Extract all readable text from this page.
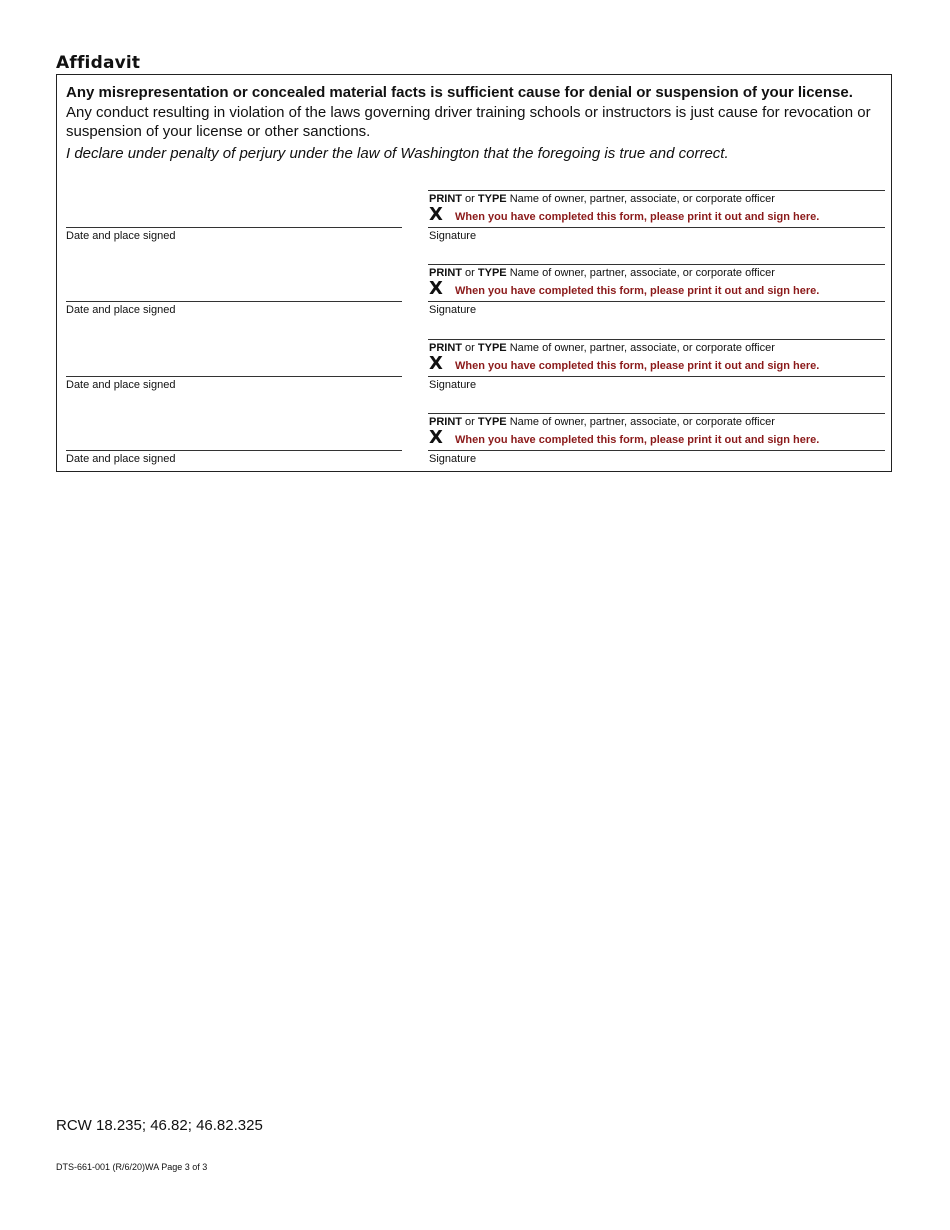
Affidavit
Any misrepresentation or concealed material facts is sufficient cause for denial or suspension of your license.
Any conduct resulting in violation of the laws governing driver training schools or instructors is just cause for revocation or suspension of your license or other sanctions.
I declare under penalty of perjury under the law of Washington that the foregoing is true and correct.
PRINT or TYPE Name of owner, partner, associate, or corporate officer
X When you have completed this form, please print it out and sign here.
Date and place signed	Signature
PRINT or TYPE Name of owner, partner, associate, or corporate officer
X When you have completed this form, please print it out and sign here.
Date and place signed	Signature
PRINT or TYPE Name of owner, partner, associate, or corporate officer
X When you have completed this form, please print it out and sign here.
Date and place signed	Signature
PRINT or TYPE Name of owner, partner, associate, or corporate officer
X When you have completed this form, please print it out and sign here.
Date and place signed	Signature
RCW 18.235; 46.82; 46.82.325
DTS-661-001 (R/6/20)WA Page 3 of 3
